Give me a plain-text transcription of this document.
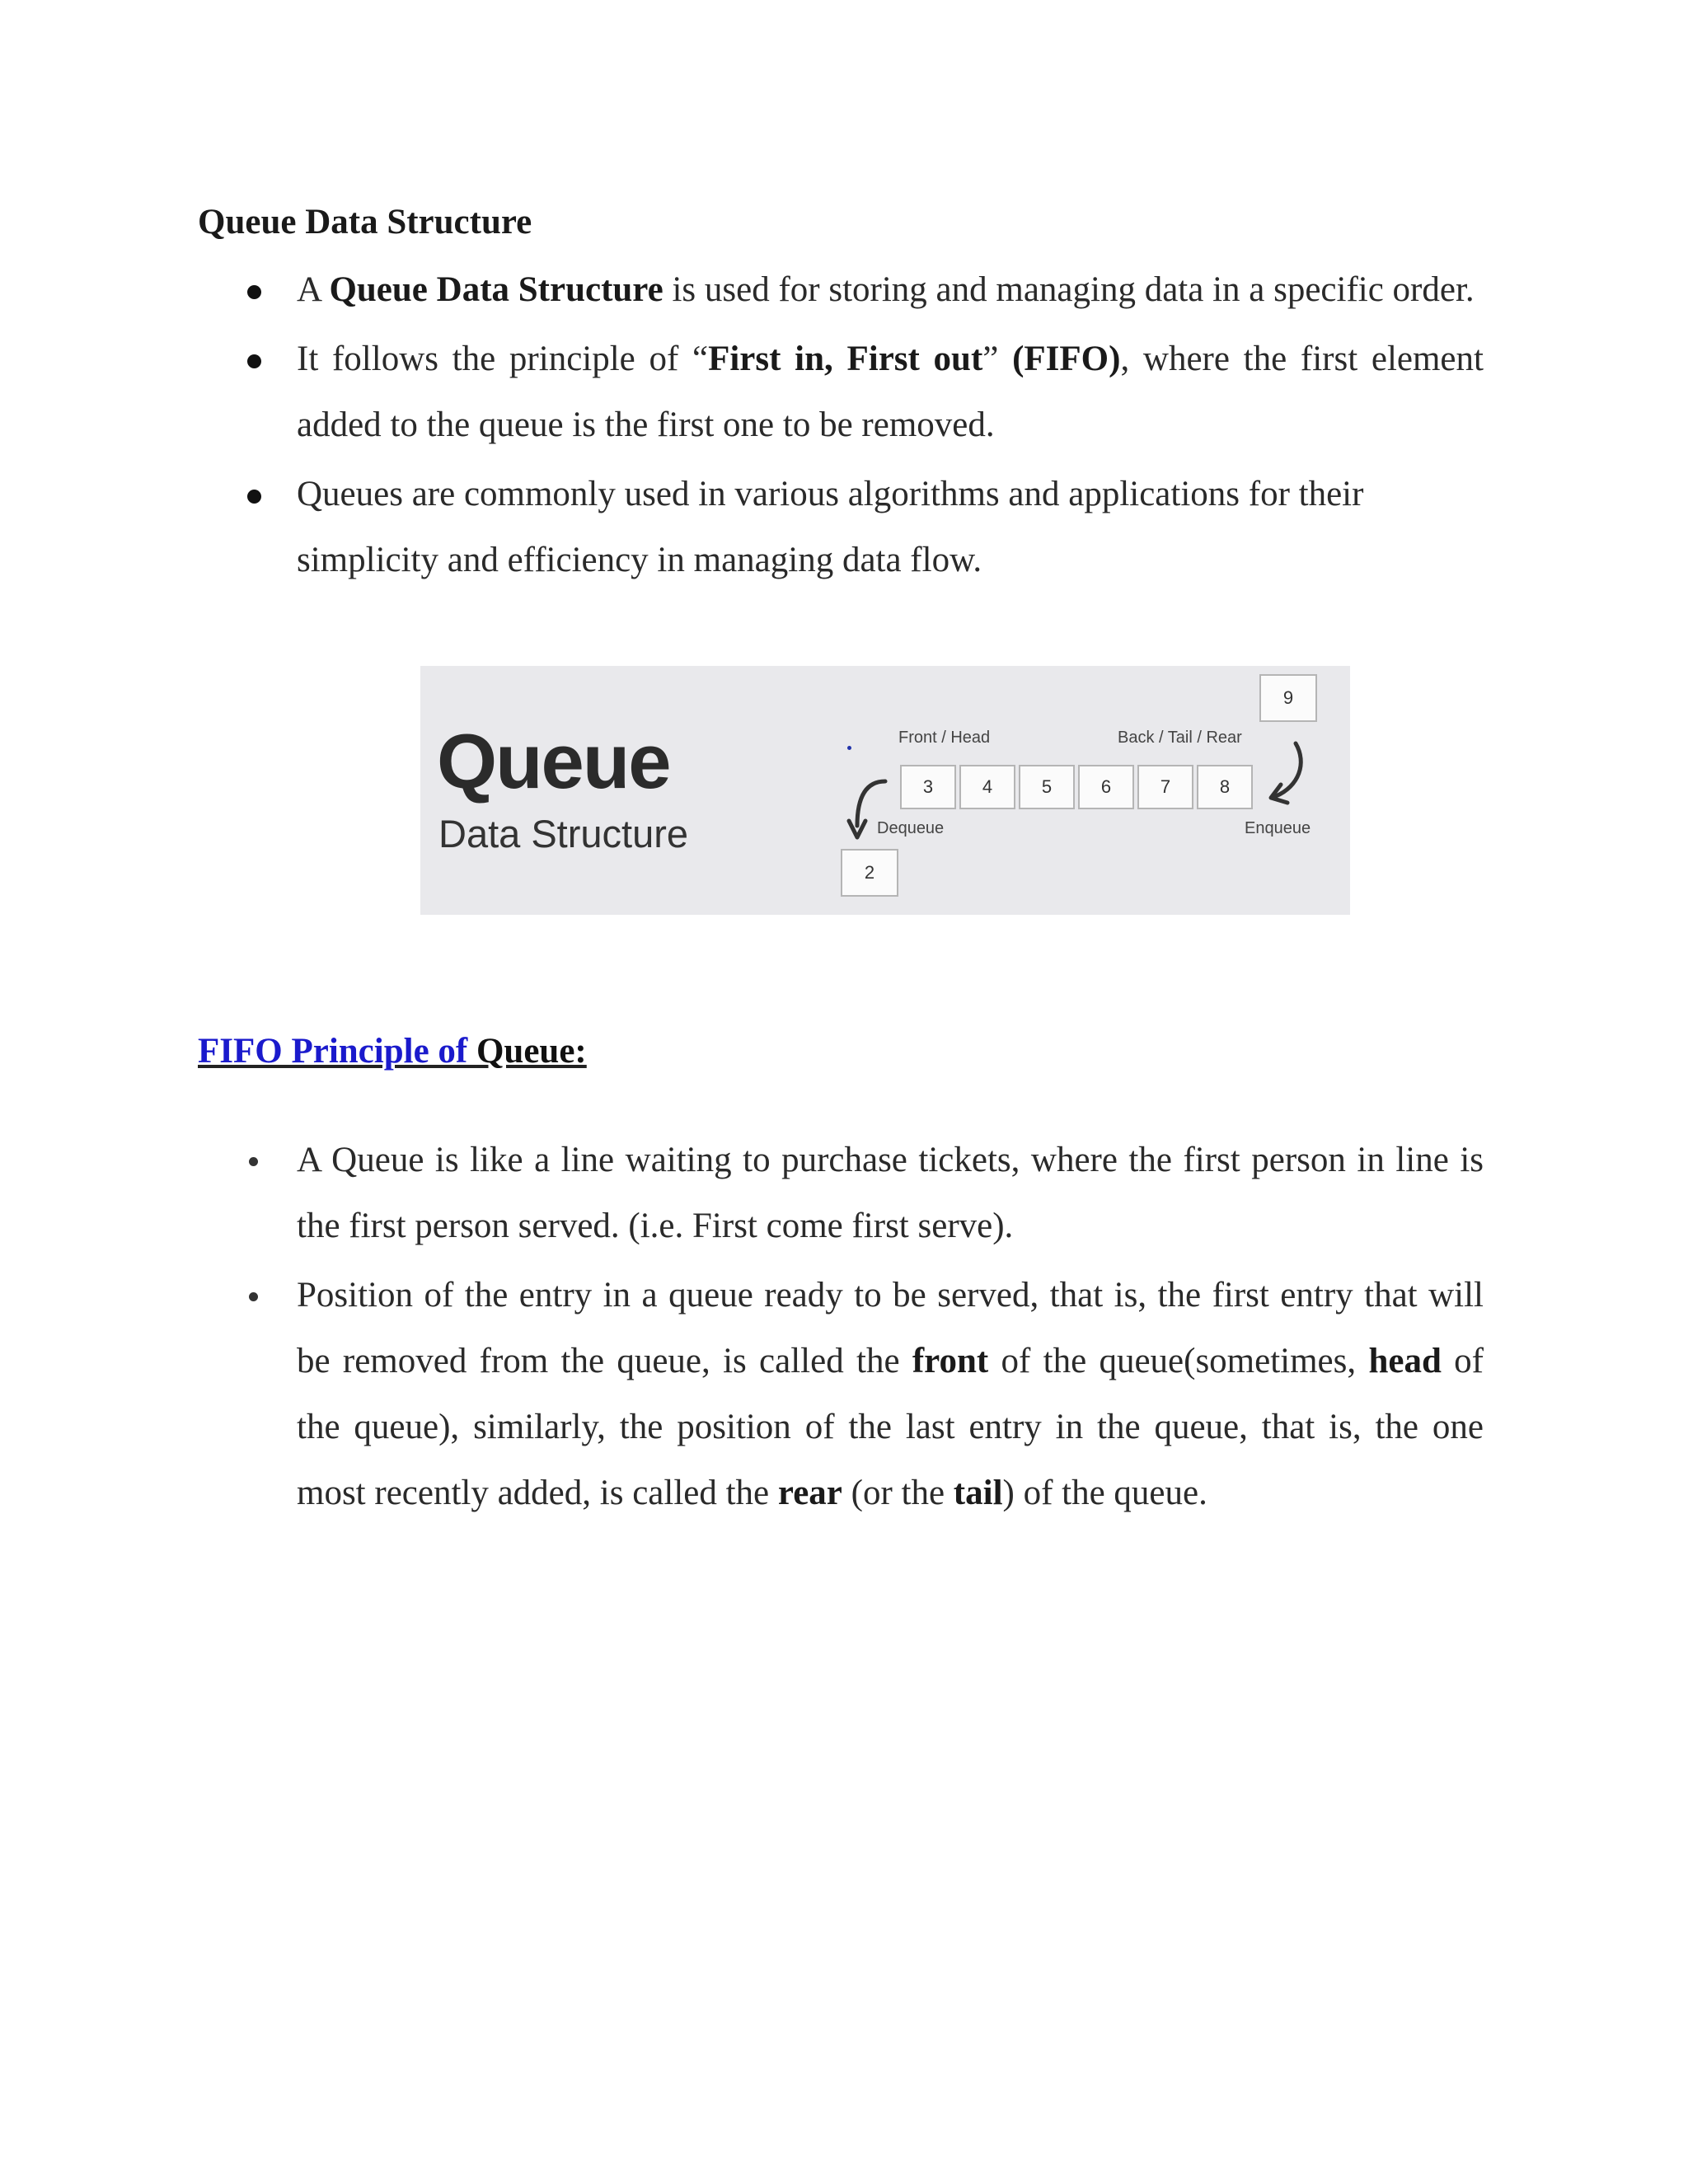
Queue Data Structure
A Queue Data Structure is used for storing and managing data in a specific order.
It follows the principle of “First in, First out” (FIFO), where the first element added to the queue is the first one to be removed.
Queues are commonly used in various algorithms and applications for their simplicity and efficiency in managing data flow.
Queue
Data Structure
Front / Head	Back / Tail / Rear
9
3	4	5	6	7	8
Dequeue	Enqueue
2
FIFO Principle of Queue:
A Queue is like a line waiting to purchase tickets, where the first person in line is the first person served. (i.e. First come first serve).
Position of the entry in a queue ready to be served, that is, the first entry that will be removed from the queue, is called the front of the queue(sometimes, head of the queue), similarly, the position of the last entry in the queue, that is, the one most recently added, is called the rear (or the tail) of the queue.
